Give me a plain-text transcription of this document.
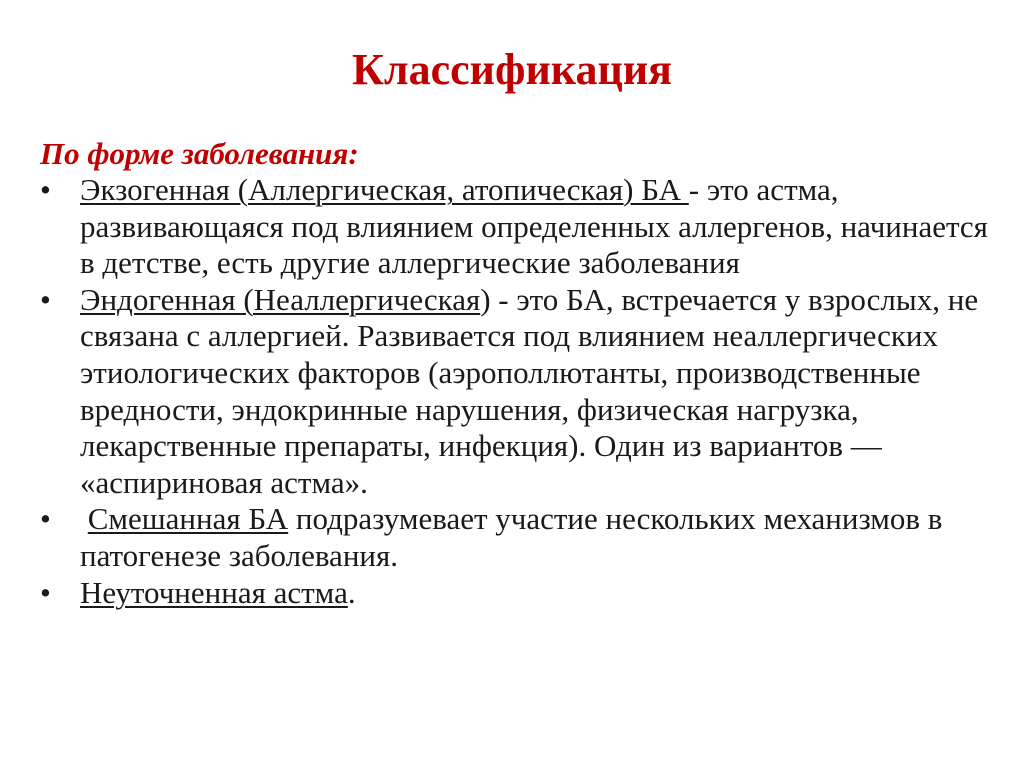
Классификация

По форме заболевания:

• Экзогенная (Аллергическая, атопическая) БА - это астма, развивающаяся под влиянием определенных аллергенов, начинается в детстве, есть другие аллергические заболевания
• Эндогенная (Неаллергическая) - это БА, встречается у взрослых, не связана с аллергией. Развивается под влиянием неаллергических этиологических факторов (аэрополлютанты, производственные вредности, эндокринные нарушения, физическая нагрузка, лекарственные препараты, инфекция). Один из вариантов — «аспириновая астма».
• Смешанная БА подразумевает участие нескольких механизмов в патогенезе заболевания.
• Неуточненная астма.
